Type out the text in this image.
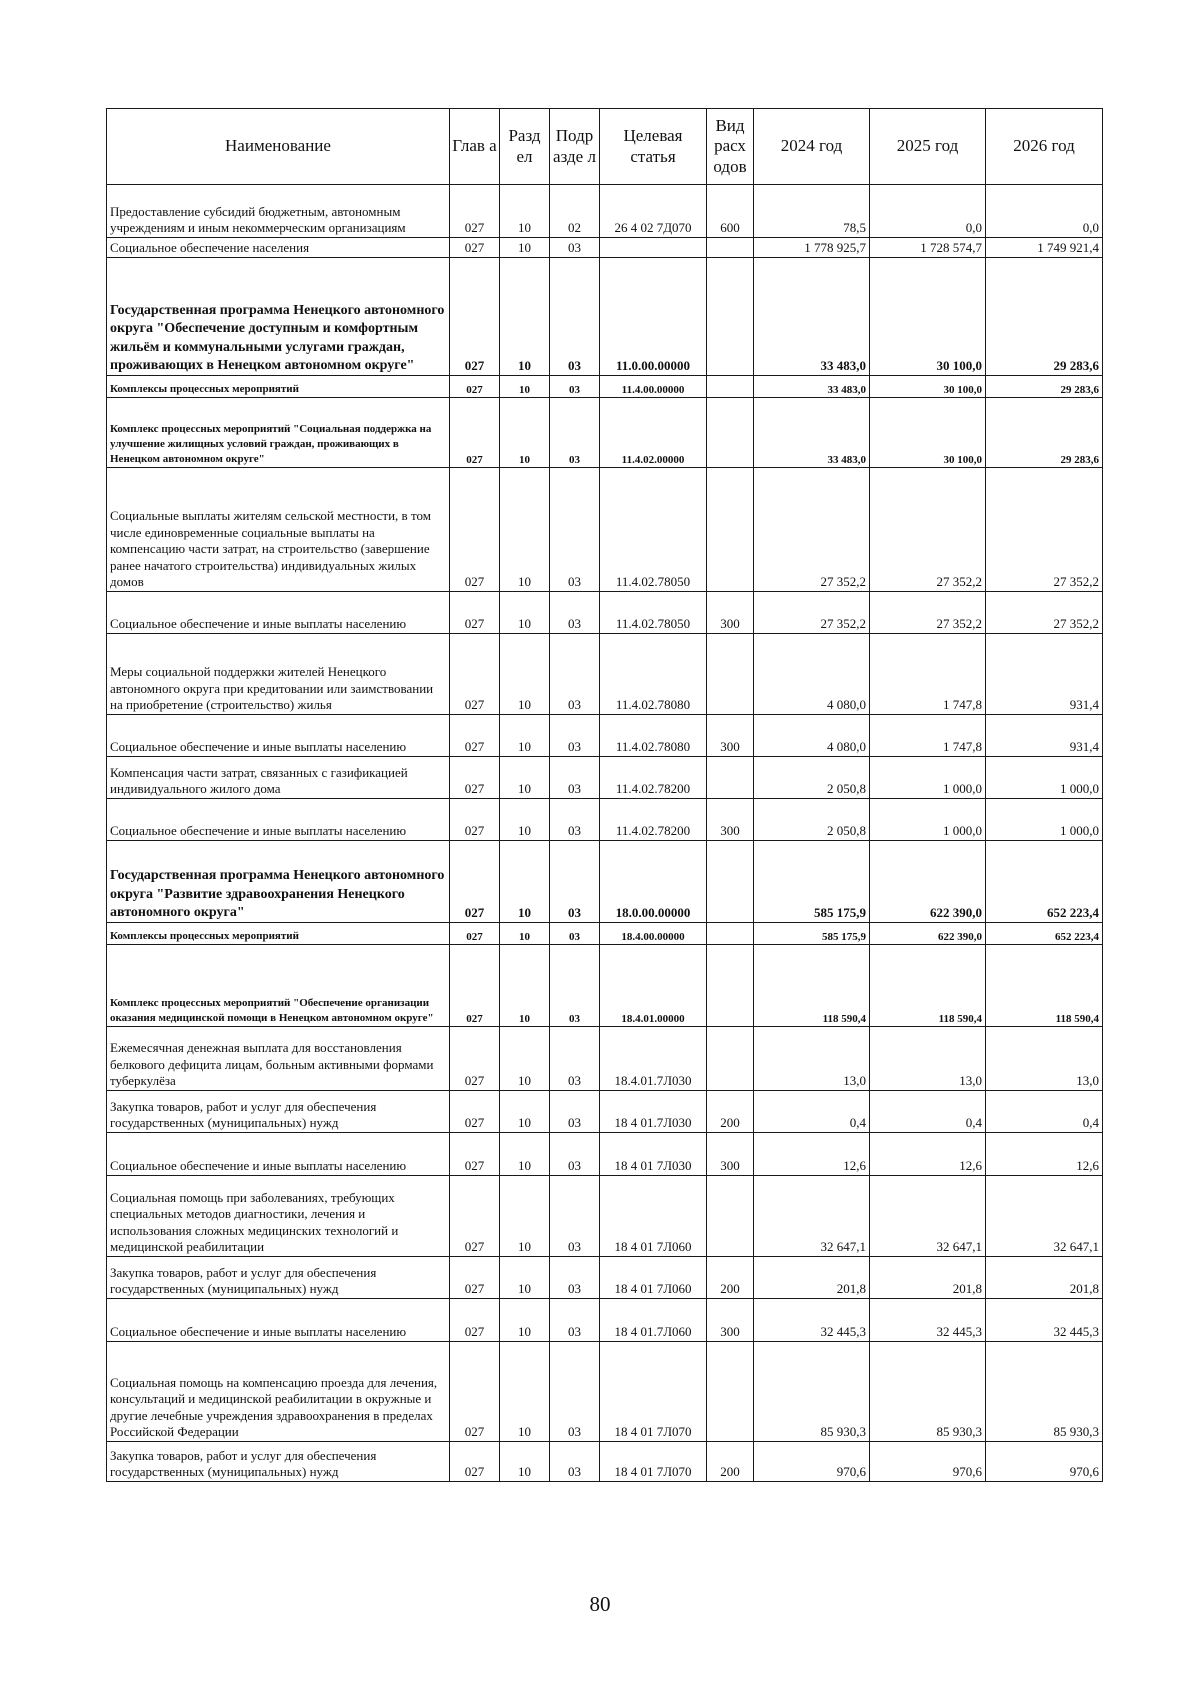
Наименование	Глав а	Разд ел	Подр азде л	Целевая статья	Вид расх одов	2024 год	2025 год	2026 год
Предоставление субсидий бюджетным, автономным учреждениям и иным некоммерческим организациям	027	10	02	26 4 02 7Д070	600	78,5	0,0	0,0
Социальное обеспечение населения	027	10	03			1 778 925,7	1 728 574,7	1 749 921,4
Государственная программа Ненецкого автономного округа "Обеспечение доступным и комфортным жильём и коммунальными услугами граждан, проживающих в Ненецком автономном округе"	027	10	03	11.0.00.00000		33 483,0	30 100,0	29 283,6
Комплексы процессных мероприятий	027	10	03	11.4.00.00000		33 483,0	30 100,0	29 283,6
Комплекс процессных мероприятий "Социальная поддержка на улучшение жилищных условий граждан, проживающих в Ненецком автономном округе"	027	10	03	11.4.02.00000		33 483,0	30 100,0	29 283,6
Социальные выплаты жителям сельской местности, в том числе единовременные социальные выплаты на компенсацию части затрат, на строительство (завершение ранее начатого строительства) индивидуальных жилых домов	027	10	03	11.4.02.78050		27 352,2	27 352,2	27 352,2
Социальное обеспечение и иные выплаты населению	027	10	03	11.4.02.78050	300	27 352,2	27 352,2	27 352,2
Меры социальной поддержки жителей Ненецкого автономного округа при кредитовании или заимствовании на приобретение (строительство) жилья	027	10	03	11.4.02.78080		4 080,0	1 747,8	931,4
Социальное обеспечение и иные выплаты населению	027	10	03	11.4.02.78080	300	4 080,0	1 747,8	931,4
Компенсация части затрат, связанных с газификацией индивидуального жилого дома	027	10	03	11.4.02.78200		2 050,8	1 000,0	1 000,0
Социальное обеспечение и иные выплаты населению	027	10	03	11.4.02.78200	300	2 050,8	1 000,0	1 000,0
Государственная программа Ненецкого автономного округа "Развитие здравоохранения Ненецкого автономного округа"	027	10	03	18.0.00.00000		585 175,9	622 390,0	652 223,4
Комплексы процессных мероприятий	027	10	03	18.4.00.00000		585 175,9	622 390,0	652 223,4
Комплекс процессных мероприятий "Обеспечение организации оказания медицинской помощи в Ненецком автономном округе"	027	10	03	18.4.01.00000		118 590,4	118 590,4	118 590,4
Ежемесячная денежная выплата для восстановления белкового дефицита лицам, больным активными формами туберкулёза	027	10	03	18.4.01.7Л030		13,0	13,0	13,0
Закупка товаров, работ и услуг для обеспечения государственных (муниципальных) нужд	027	10	03	18 4 01.7Л030	200	0,4	0,4	0,4
Социальное обеспечение и иные выплаты населению	027	10	03	18 4 01 7Л030	300	12,6	12,6	12,6
Социальная помощь при заболеваниях, требующих специальных методов диагностики, лечения и использования сложных медицинских технологий и медицинской реабилитации	027	10	03	18 4 01 7Л060		32 647,1	32 647,1	32 647,1
Закупка товаров, работ и услуг для обеспечения государственных (муниципальных) нужд	027	10	03	18 4 01 7Л060	200	201,8	201,8	201,8
Социальное обеспечение и иные выплаты населению	027	10	03	18 4 01.7Л060	300	32 445,3	32 445,3	32 445,3
Социальная помощь на компенсацию проезда для лечения, консультаций и медицинской реабилитации в окружные и другие лечебные учреждения здравоохранения в пределах Российской Федерации	027	10	03	18 4 01 7Л070		85 930,3	85 930,3	85 930,3
Закупка товаров, работ и услуг для обеспечения государственных (муниципальных) нужд	027	10	03	18 4 01 7Л070	200	970,6	970,6	970,6
80
